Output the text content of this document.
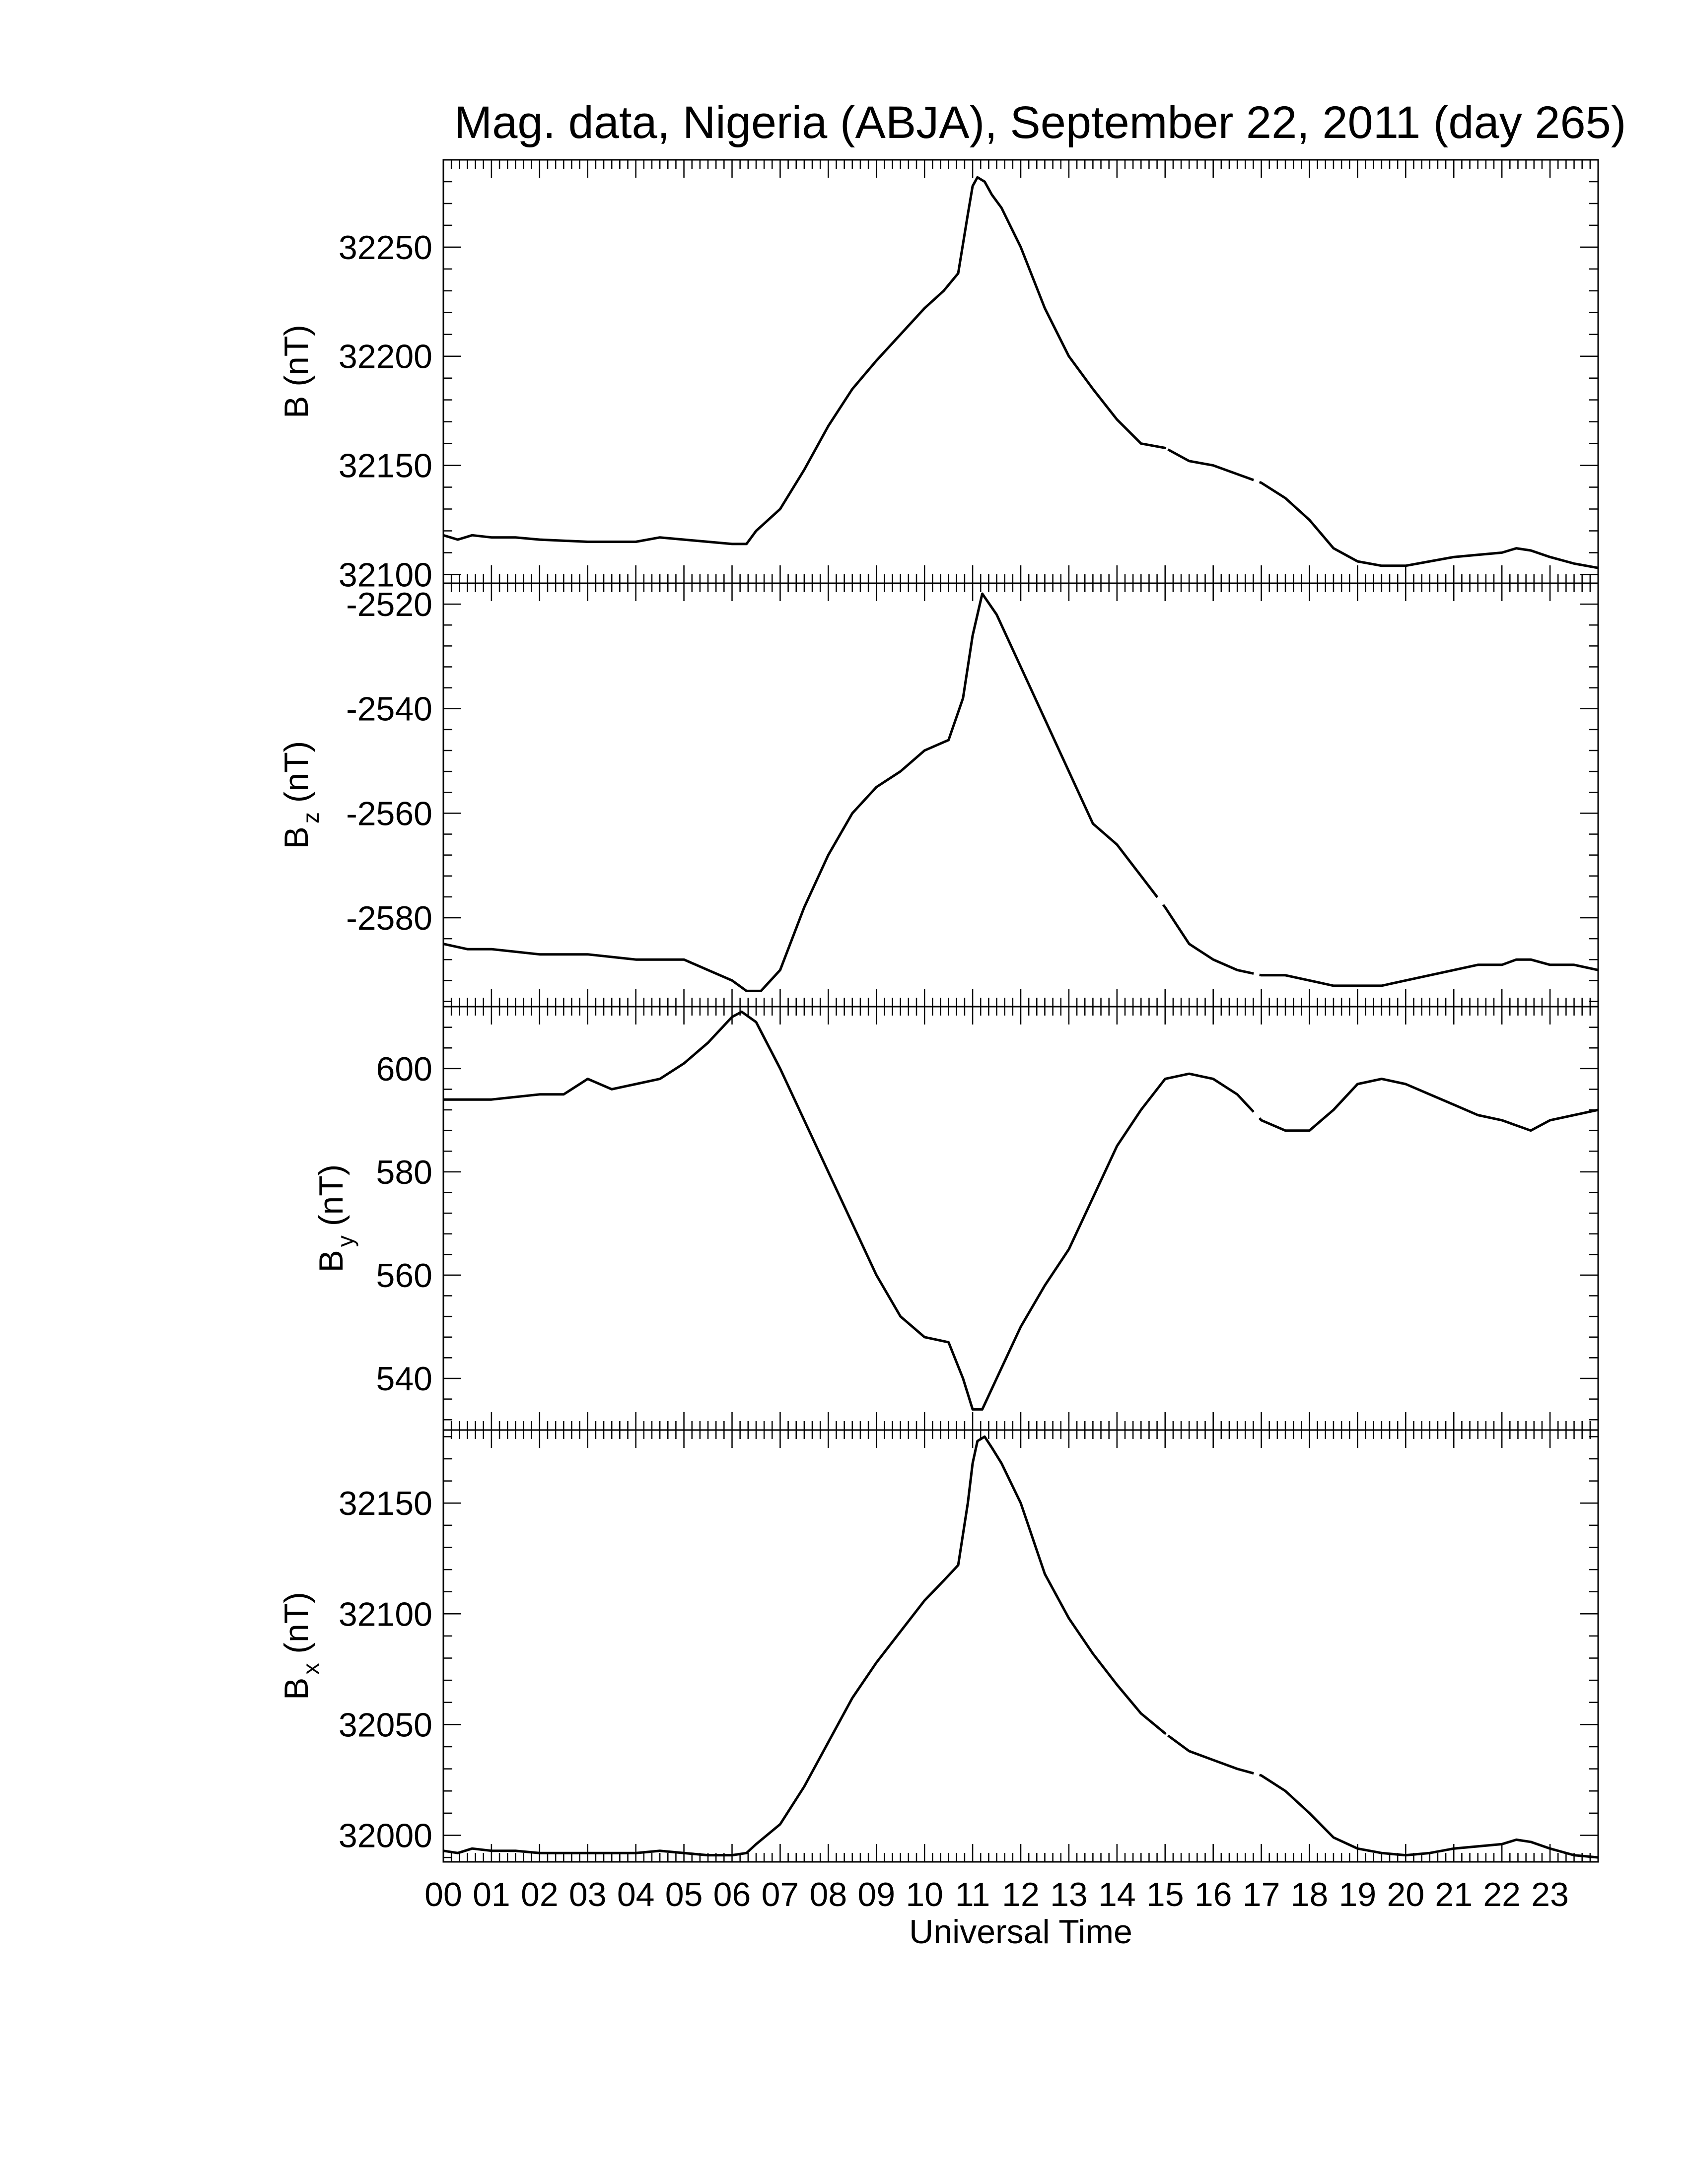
Mag. data, Nigeria (ABJA), September 22, 2011 (day 265)
32100
32150
32200
32250
B (nT)
-2580
-2560
-2540
-2520
$B_z$ (nT)
540
560
580
600
$B_y$ (nT)
32000
32050
32100
32150
$B_x$ (nT)
00 01 02 03 04 05 06 07 08 09 10 11 12 13 14 15 16 17 18 19 20 21 22 23
Universal Time
